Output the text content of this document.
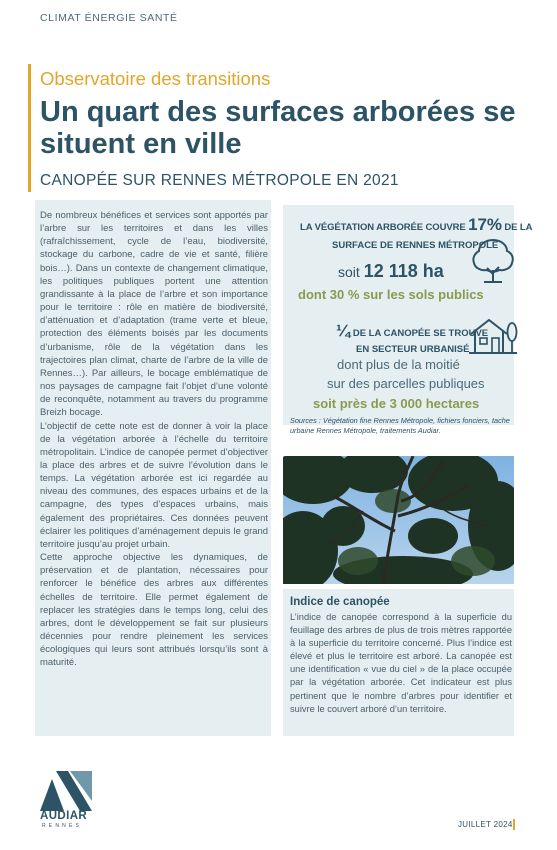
CLIMAT ÉNERGIE SANTÉ
Observatoire des transitions
Un quart des surfaces arborées se situent en ville
CANOPÉE SUR RENNES MÉTROPOLE EN 2021

De nombreux bénéfices et services sont apportés par l’arbre sur les territoires et dans les villes (rafraîchissement, cycle de l’eau, biodiversité, stockage du carbone, cadre de vie et santé, filière bois…). Dans un contexte de changement climatique, les politiques publiques portent une attention grandissante à la place de l’arbre et son importance pour le territoire : rôle en matière de biodiversité, d’atténuation et d’adaptation (trame verte et bleue, protection des éléments boisés par les documents d’urbanisme, rôle de la végétation dans les trajectoires plan climat, charte de l’arbre de la ville de Rennes…). Par ailleurs, le bocage emblématique de nos paysages de campagne fait l’objet d’une volonté de reconquête, notamment au travers du programme Breizh bocage.

L’objectif de cette note est de donner à voir la place de la végétation arborée à l’échelle du territoire métropolitain. L’indice de canopée permet d’objectiver la place des arbres et de suivre l’évolution dans le temps. La végétation arborée est ici regardée au niveau des communes, des espaces urbains et de la campagne, des types d’espaces urbains, mais également des propriétaires. Ces données peuvent éclairer les politiques d’aménagement depuis le grand territoire jusqu’au projet urbain.

Cette approche objective les dynamiques, de préservation et de plantation, nécessaires pour renforcer le bénéfice des arbres aux différentes échelles de territoire. Elle permet également de replacer les stratégies dans le temps long, celui des arbres, dont le développement se fait sur plusieurs décennies pour rendre pleinement les services écologiques qui leurs sont attribués lorsqu’ils sont à maturité.

LA VÉGÉTATION ARBORÉE COUVRE 17% DE LA
SURFACE DE RENNES MÉTROPOLE
soit 12 118 ha
dont 30 % sur les sols publics
¼ DE LA CANOPÉE SE TROUVE
EN SECTEUR URBANISÉ
dont plus de la moitié
sur des parcelles publiques
soit près de 3 000 hectares
Sources : Végétation fine Rennes Métropole, fichiers fonciers, tache urbaine Rennes Métropole, traitements Audiar.
Indice de canopée
L’indice de canopée correspond à la superficie du feuillage des arbres de plus de trois mètres rapportée à la superficie du territoire concerné. Plus l’indice est élevé et plus le territoire est arboré. La canopée est une identification « vue du ciel » de la place occupée par la végétation arborée. Cet indicateur est plus pertinent que le nombre d’arbres pour identifier et suivre le couvert arboré d’un territoire.
AUDIAR
RENNES	JUILLET 2024
